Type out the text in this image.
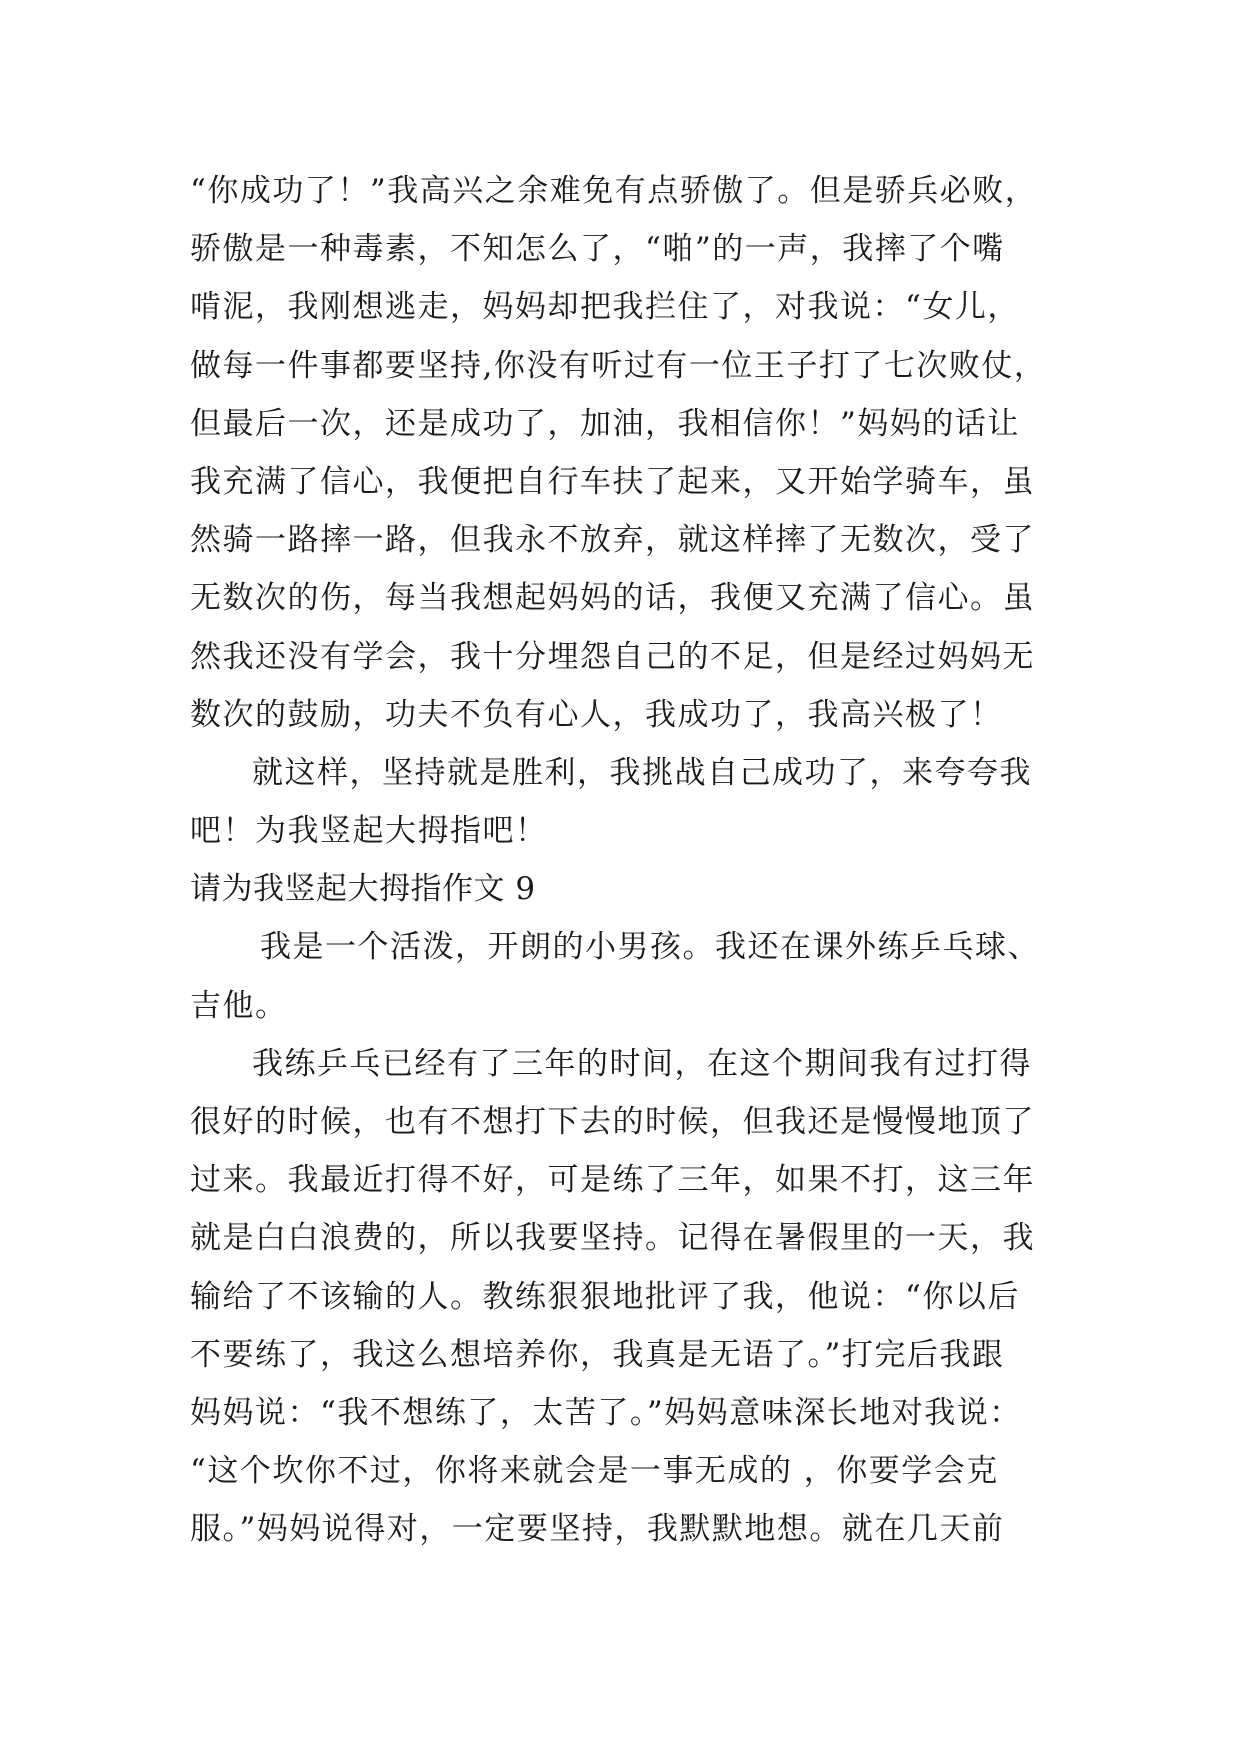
“你成功了！”我高兴之余难免有点骄傲了。但是骄兵必败，
骄傲是一种毒素，不知怎么了，“啪”的一声，我摔了个嘴
啃泥，我刚想逃走，妈妈却把我拦住了，对我说：“女儿，
做每一件事都要坚持,你没有听过有一位王子打了七次败仗，
但最后一次，还是成功了，加油，我相信你！”妈妈的话让
我充满了信心，我便把自行车扶了起来，又开始学骑车，虽
然骑一路摔一路，但我永不放弃，就这样摔了无数次，受了
无数次的伤，每当我想起妈妈的话，我便又充满了信心。虽
然我还没有学会，我十分埋怨自己的不足，但是经过妈妈无
数次的鼓励，功夫不负有心人，我成功了，我高兴极了！
就这样，坚持就是胜利，我挑战自己成功了，来夸夸我
吧！为我竖起大拇指吧！
请为我竖起大拇指作文 9
我是一个活泼，开朗的小男孩。我还在课外练乒乓球、
吉他。
我练乒乓已经有了三年的时间，在这个期间我有过打得
很好的时候，也有不想打下去的时候，但我还是慢慢地顶了
过来。我最近打得不好，可是练了三年，如果不打，这三年
就是白白浪费的，所以我要坚持。记得在暑假里的一天，我
输给了不该输的人。教练狠狠地批评了我，他说：“你以后
不要练了，我这么想培养你，我真是无语了。”打完后我跟
妈妈说：“我不想练了，太苦了。”妈妈意味深长地对我说：
“这个坎你不过，你将来就会是一事无成的 ，你要学会克
服。”妈妈说得对，一定要坚持，我默默地想。就在几天前
